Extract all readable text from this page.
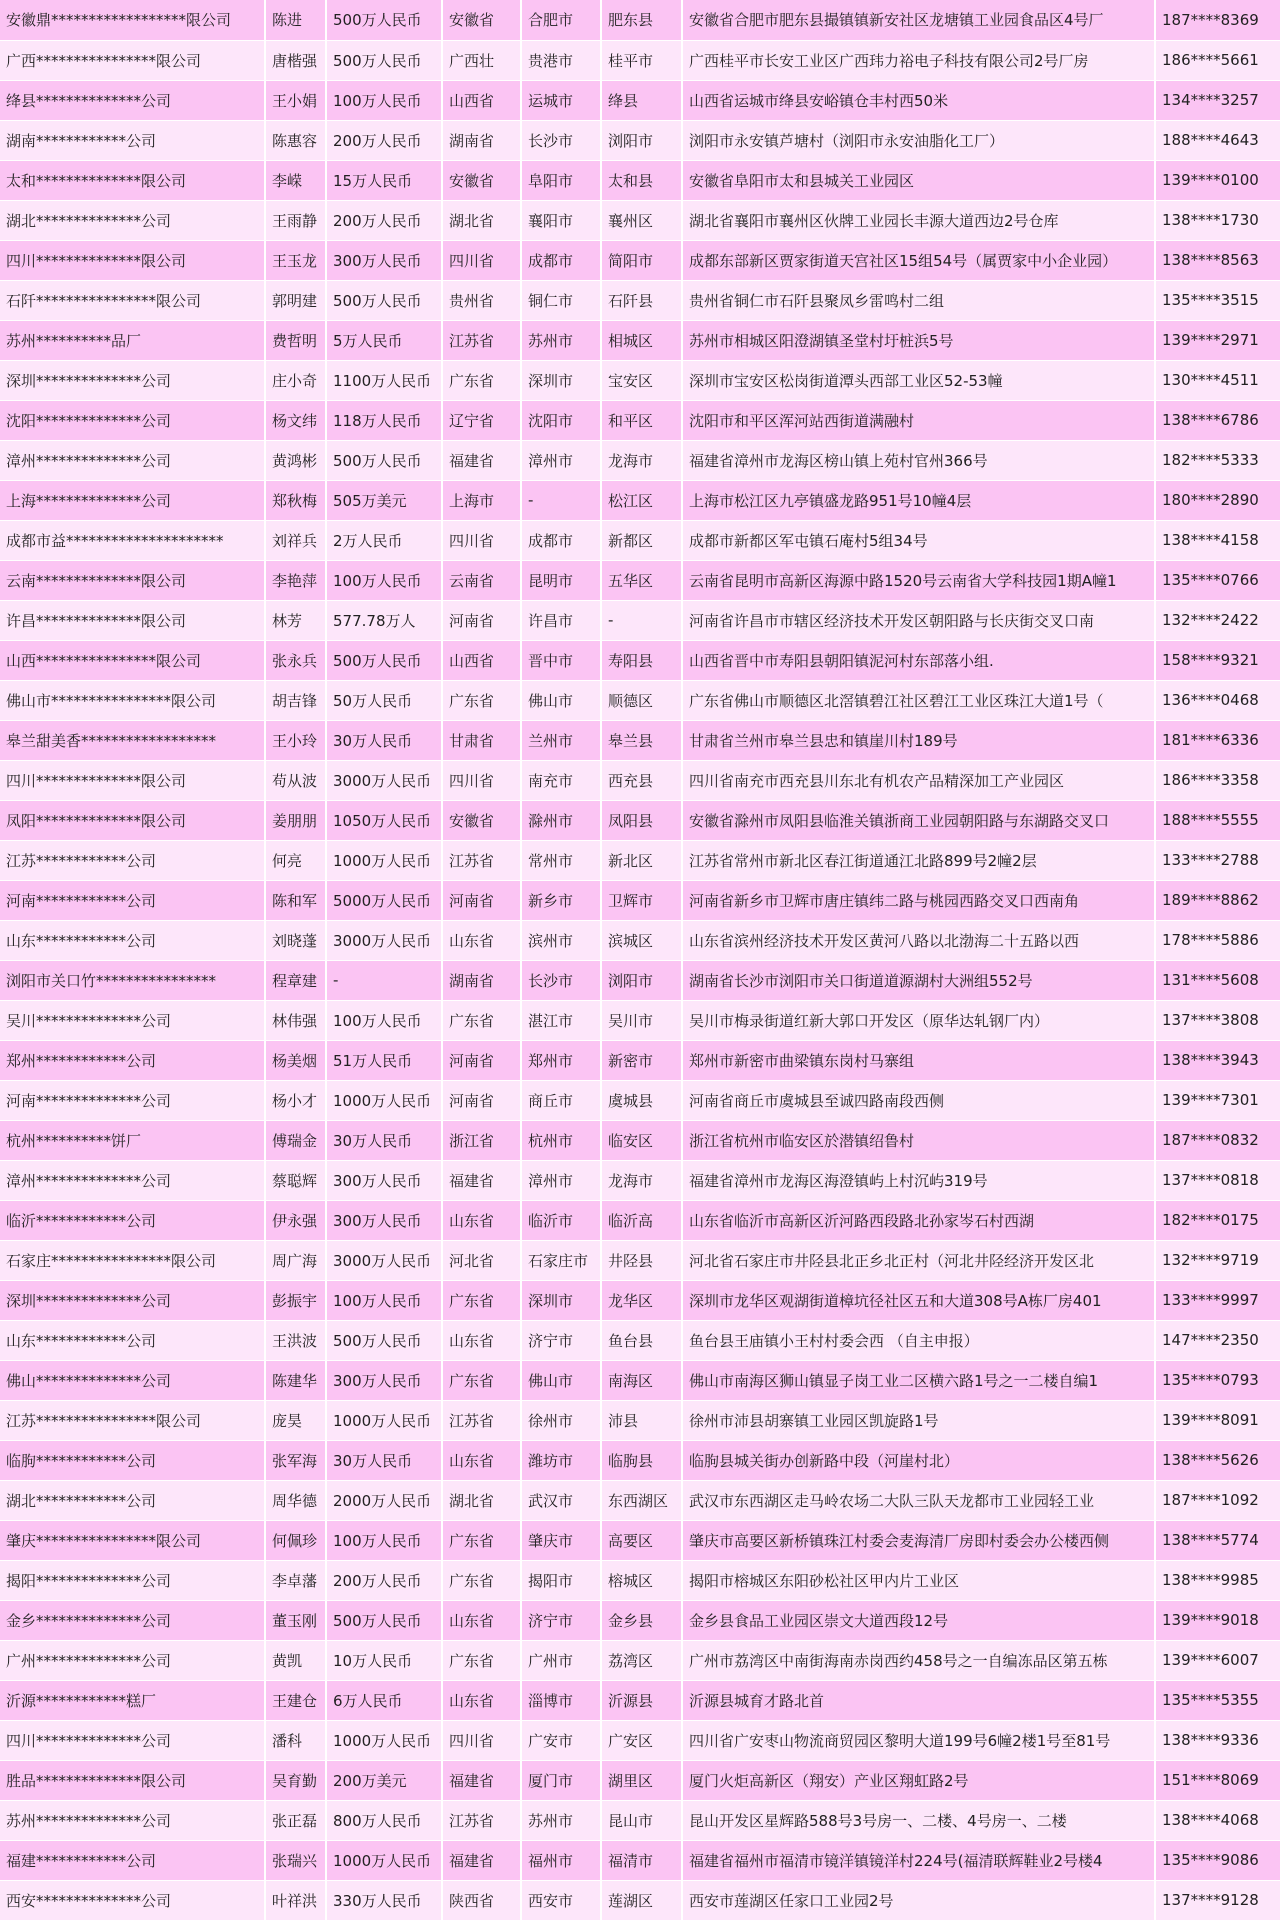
安徽鼎******************限公司	陈进	500万人民币	安徽省	合肥市	肥东县	安徽省合肥市肥东县撮镇镇新安社区龙塘镇工业园食品区4号厂	187****8369
广西****************限公司	唐楷强	500万人民币	广西壮	贵港市	桂平市	广西桂平市长安工业区广西玮力裕电子科技有限公司2号厂房	186****5661
绛县**************公司	王小娟	100万人民币	山西省	运城市	绛县	山西省运城市绛县安峪镇仓丰村西50米	134****3257
湖南************公司	陈惠容	200万人民币	湖南省	长沙市	浏阳市	浏阳市永安镇芦塘村（浏阳市永安油脂化工厂）	188****4643
太和**************限公司	李嵘	15万人民币	安徽省	阜阳市	太和县	安徽省阜阳市太和县城关工业园区	139****0100
湖北**************公司	王雨静	200万人民币	湖北省	襄阳市	襄州区	湖北省襄阳市襄州区伙牌工业园长丰源大道西边2号仓库	138****1730
四川**************限公司	王玉龙	300万人民币	四川省	成都市	简阳市	成都东部新区贾家街道天宫社区15组54号（属贾家中小企业园）	138****8563
石阡****************限公司	郭明建	500万人民币	贵州省	铜仁市	石阡县	贵州省铜仁市石阡县聚凤乡雷鸣村二组	135****3515
苏州**********品厂	费哲明	5万人民币	江苏省	苏州市	相城区	苏州市相城区阳澄湖镇圣堂村圩桩浜5号	139****2971
深圳**************公司	庄小奇	1100万人民币	广东省	深圳市	宝安区	深圳市宝安区松岗街道潭头西部工业区52-53幢	130****4511
沈阳**************公司	杨文纬	118万人民币	辽宁省	沈阳市	和平区	沈阳市和平区浑河站西街道满融村	138****6786
漳州**************公司	黄鸿彬	500万人民币	福建省	漳州市	龙海市	福建省漳州市龙海区榜山镇上苑村官州366号	182****5333
上海**************公司	郑秋梅	505万美元	上海市	-	松江区	上海市松江区九亭镇盛龙路951号10幢4层	180****2890
成都市益*********************	刘祥兵	2万人民币	四川省	成都市	新都区	成都市新都区军屯镇石庵村5组34号	138****4158
云南**************限公司	李艳萍	100万人民币	云南省	昆明市	五华区	云南省昆明市高新区海源中路1520号云南省大学科技园1期A幢1	135****0766
许昌**************限公司	林芳	577.78万人	河南省	许昌市	-	河南省许昌市市辖区经济技术开发区朝阳路与长庆街交叉口南	132****2422
山西****************限公司	张永兵	500万人民币	山西省	晋中市	寿阳县	山西省晋中市寿阳县朝阳镇泥河村东部落小组.	158****9321
佛山市****************限公司	胡吉锋	50万人民币	广东省	佛山市	顺德区	广东省佛山市顺德区北滘镇碧江社区碧江工业区珠江大道1号（	136****0468
皋兰甜美香******************	王小玲	30万人民币	甘肃省	兰州市	皋兰县	甘肃省兰州市皋兰县忠和镇崖川村189号	181****6336
四川**************限公司	苟从波	3000万人民币	四川省	南充市	西充县	四川省南充市西充县川东北有机农产品精深加工产业园区	186****3358
凤阳**************限公司	姜朋朋	1050万人民币	安徽省	滁州市	凤阳县	安徽省滁州市凤阳县临淮关镇浙商工业园朝阳路与东湖路交叉口	188****5555
江苏************公司	何亮	1000万人民币	江苏省	常州市	新北区	江苏省常州市新北区春江街道通江北路899号2幢2层	133****2788
河南************公司	陈和军	5000万人民币	河南省	新乡市	卫辉市	河南省新乡市卫辉市唐庄镇纬二路与桃园西路交叉口西南角	189****8862
山东************公司	刘晓蓬	3000万人民币	山东省	滨州市	滨城区	山东省滨州经济技术开发区黄河八路以北渤海二十五路以西	178****5886
浏阳市关口竹****************	程章建	-	湖南省	长沙市	浏阳市	湖南省长沙市浏阳市关口街道道源湖村大洲组552号	131****5608
吴川**************公司	林伟强	100万人民币	广东省	湛江市	吴川市	吴川市梅录街道红新大郭口开发区（原华达轧钢厂内）	137****3808
郑州************公司	杨美烟	51万人民币	河南省	郑州市	新密市	郑州市新密市曲梁镇东岗村马寨组	138****3943
河南**************公司	杨小才	1000万人民币	河南省	商丘市	虞城县	河南省商丘市虞城县至诚四路南段西侧	139****7301
杭州**********饼厂	傅瑞金	30万人民币	浙江省	杭州市	临安区	浙江省杭州市临安区於潜镇绍鲁村	187****0832
漳州**************公司	蔡聪辉	300万人民币	福建省	漳州市	龙海市	福建省漳州市龙海区海澄镇屿上村沉屿319号	137****0818
临沂************公司	伊永强	300万人民币	山东省	临沂市	临沂高	山东省临沂市高新区沂河路西段路北孙家岑石村西湖	182****0175
石家庄****************限公司	周广海	3000万人民币	河北省	石家庄市	井陉县	河北省石家庄市井陉县北正乡北正村（河北井陉经济开发区北	132****9719
深圳**************公司	彭振宇	100万人民币	广东省	深圳市	龙华区	深圳市龙华区观湖街道樟坑径社区五和大道308号A栋厂房401	133****9997
山东************公司	王洪波	500万人民币	山东省	济宁市	鱼台县	鱼台县王庙镇小王村村委会西 （自主申报）	147****2350
佛山**************公司	陈建华	300万人民币	广东省	佛山市	南海区	佛山市南海区狮山镇显子岗工业二区横六路1号之一二楼自编1	135****0793
江苏****************限公司	庞昊	1000万人民币	江苏省	徐州市	沛县	徐州市沛县胡寨镇工业园区凯旋路1号	139****8091
临朐************公司	张军海	30万人民币	山东省	潍坊市	临朐县	临朐县城关街办创新路中段（河崖村北）	138****5626
湖北************公司	周华德	2000万人民币	湖北省	武汉市	东西湖区	武汉市东西湖区走马岭农场二大队三队天龙都市工业园轻工业	187****1092
肇庆****************限公司	何佩珍	100万人民币	广东省	肇庆市	高要区	肇庆市高要区新桥镇珠江村委会麦海清厂房即村委会办公楼西侧	138****5774
揭阳**************公司	李卓藩	200万人民币	广东省	揭阳市	榕城区	揭阳市榕城区东阳砂松社区甲内片工业区	138****9985
金乡**************公司	董玉刚	500万人民币	山东省	济宁市	金乡县	金乡县食品工业园区崇文大道西段12号	139****9018
广州**************公司	黄凯	10万人民币	广东省	广州市	荔湾区	广州市荔湾区中南街海南赤岗西约458号之一自编冻品区第五栋	139****6007
沂源************糕厂	王建仓	6万人民币	山东省	淄博市	沂源县	沂源县城育才路北首	135****5355
四川**************公司	潘科	1000万人民币	四川省	广安市	广安区	四川省广安枣山物流商贸园区黎明大道199号6幢2楼1号至81号	138****9336
胜品**************限公司	吴育勤	200万美元	福建省	厦门市	湖里区	厦门火炬高新区（翔安）产业区翔虹路2号	151****8069
苏州**************公司	张正磊	800万人民币	江苏省	苏州市	昆山市	昆山开发区星辉路588号3号房一、二楼、4号房一、二楼	138****4068
福建************公司	张瑞兴	1000万人民币	福建省	福州市	福清市	福建省福州市福清市镜洋镇镜洋村224号(福清联辉鞋业2号楼4	135****9086
西安**************公司	叶祥洪	330万人民币	陕西省	西安市	莲湖区	西安市莲湖区任家口工业园2号	137****9128
